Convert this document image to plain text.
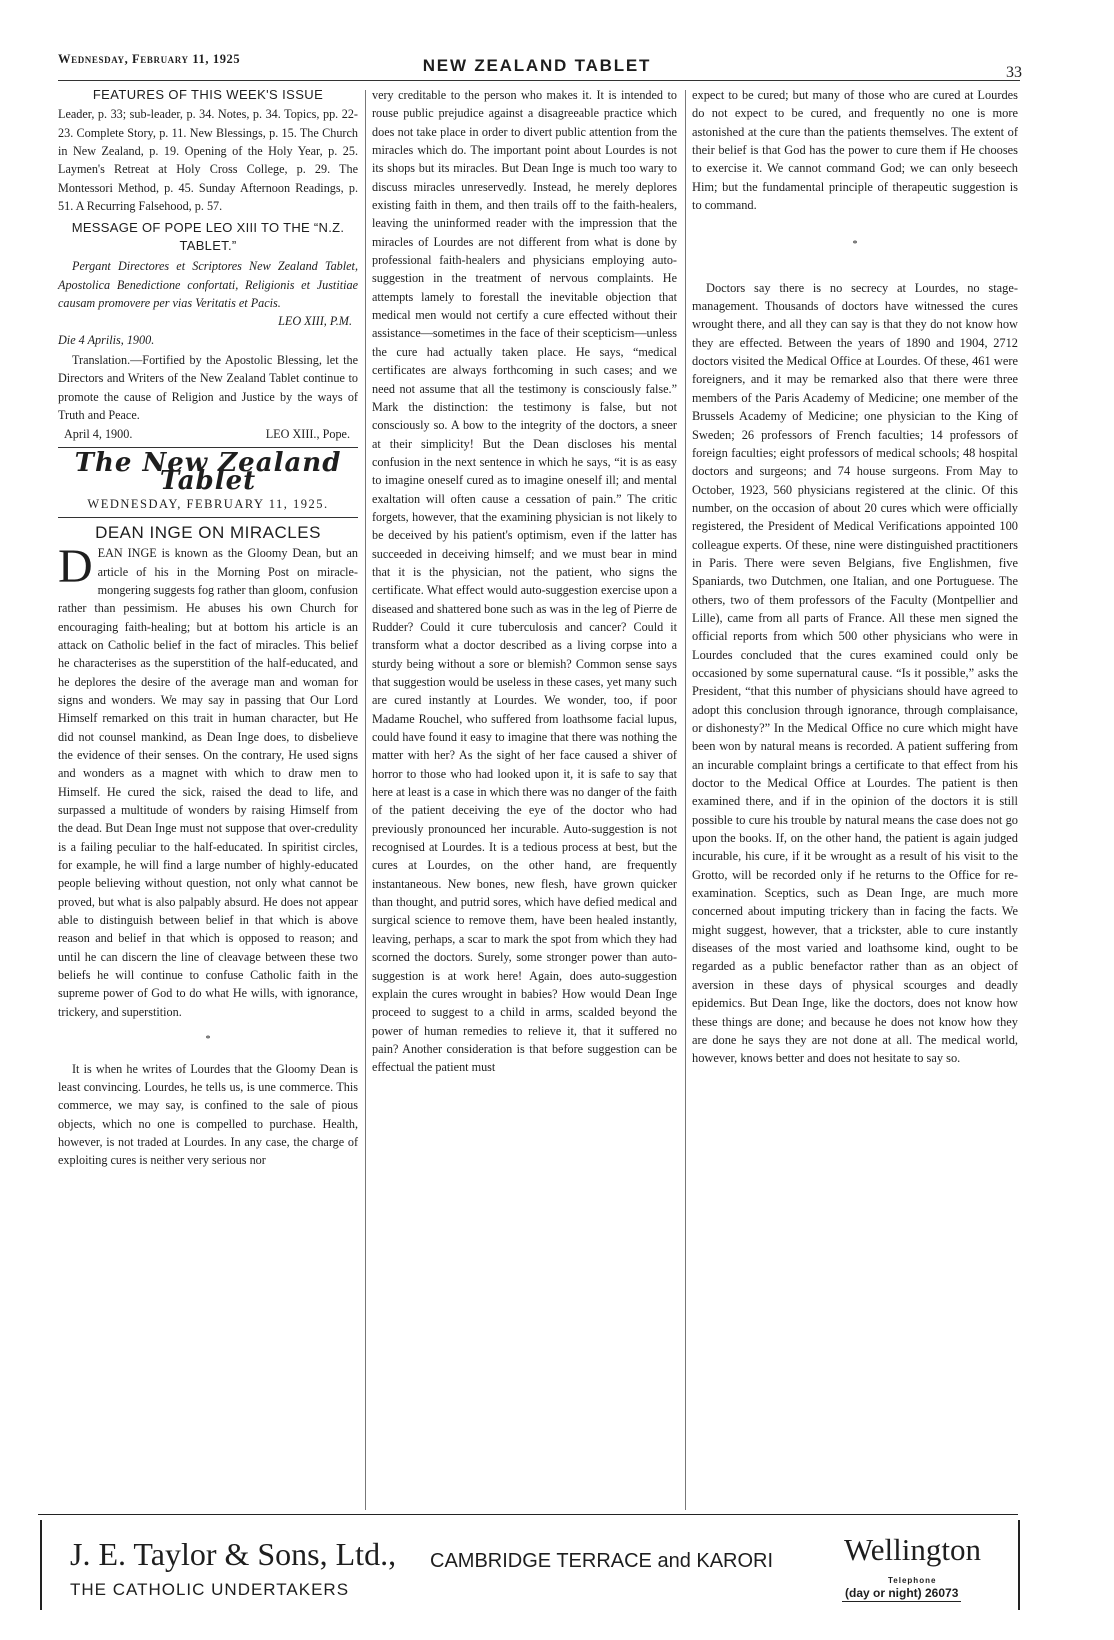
Wednesday, February 11, 1925	NEW ZEALAND TABLET	33
FEATURES OF THIS WEEK'S ISSUE

Leader, p. 33; sub-leader, p. 34. Notes, p. 34. Topics, pp. 22-23. Complete Story, p. 11. New Blessings, p. 15. The Church in New Zealand, p. 19. Opening of the Holy Year, p. 25. Laymen's Retreat at Holy Cross College, p. 29. The Montessori Method, p. 45. Sunday Afternoon Readings, p. 51. A Recurring Falsehood, p. 57.

MESSAGE OF POPE LEO XIII TO THE “N.Z. TABLET.”

Pergant Directores et Scriptores New Zealand Tablet, Apostolica Benedictione confortati, Religionis et Justitiae causam promovere per vias Veritatis et Pacis.

LEO XIII, P.M.

Die 4 Aprilis, 1900.

Translation.—Fortified by the Apostolic Blessing, let the Directors and Writers of the New Zealand Tablet continue to promote the cause of Religion and Justice by the ways of Truth and Peace.

April 4, 1900.	LEO XIII., Pope.
The New Zealand Tablet
WEDNESDAY, FEBRUARY 11, 1925.
DEAN INGE ON MIRACLES

DEAN INGE is known as the Gloomy Dean, but an article of his in the Morning Post on miracle-mongering suggests fog rather than gloom, confusion rather than pessimism. He abuses his own Church for encouraging faith-healing; but at bottom his article is an attack on Catholic belief in the fact of miracles. This belief he characterises as the superstition of the half-educated, and he deplores the desire of the average man and woman for signs and wonders. We may say in passing that Our Lord Himself remarked on this trait in human character, but He did not counsel mankind, as Dean Inge does, to disbelieve the evidence of their senses. On the contrary, He used signs and wonders as a magnet with which to draw men to Himself. He cured the sick, raised the dead to life, and surpassed a multitude of wonders by raising Himself from the dead. But Dean Inge must not suppose that over-credulity is a failing peculiar to the half-educated. In spiritist circles, for example, he will find a large number of highly-educated people believing without question, not only what cannot be proved, but what is also palpably absurd. He does not appear able to distinguish between belief in that which is above reason and belief in that which is opposed to reason; and until he can discern the line of cleavage between these two beliefs he will continue to confuse Catholic faith in the supreme power of God to do what He wills, with ignorance, trickery, and superstition.

*

It is when he writes of Lourdes that the Gloomy Dean is least convincing. Lourdes, he tells us, is une commerce. This commerce, we may say, is confined to the sale of pious objects, which no one is compelled to purchase. Health, however, is not traded at Lourdes. In any case, the charge of exploiting cures is neither very serious nor

very creditable to the person who makes it. It is intended to rouse public prejudice against a disagreeable practice which does not take place in order to divert public attention from the miracles which do. The important point about Lourdes is not its shops but its miracles. But Dean Inge is much too wary to discuss miracles unreservedly. Instead, he merely deplores existing faith in them, and then trails off to the faith-healers, leaving the uninformed reader with the impression that the miracles of Lourdes are not different from what is done by professional faith-healers and physicians employing auto-suggestion in the treatment of nervous complaints. He attempts lamely to forestall the inevitable objection that medical men would not certify a cure effected without their assistance—sometimes in the face of their scepticism—unless the cure had actually taken place. He says, “medical certificates are always forthcoming in such cases; and we need not assume that all the testimony is consciously false.” Mark the distinction: the testimony is false, but not consciously so. A bow to the integrity of the doctors, a sneer at their simplicity! But the Dean discloses his mental confusion in the next sentence in which he says, “it is as easy to imagine oneself cured as to imagine oneself ill; and mental exaltation will often cause a cessation of pain.” The critic forgets, however, that the examining physician is not likely to be deceived by his patient's optimism, even if the latter has succeeded in deceiving himself; and we must bear in mind that it is the physician, not the patient, who signs the certificate. What effect would auto-suggestion exercise upon a diseased and shattered bone such as was in the leg of Pierre de Rudder? Could it cure tuberculosis and cancer? Could it transform what a doctor described as a living corpse into a sturdy being without a sore or blemish? Common sense says that suggestion would be useless in these cases, yet many such are cured instantly at Lourdes. We wonder, too, if poor Madame Rouchel, who suffered from loathsome facial lupus, could have found it easy to imagine that there was nothing the matter with her? As the sight of her face caused a shiver of horror to those who had looked upon it, it is safe to say that here at least is a case in which there was no danger of the faith of the patient deceiving the eye of the doctor who had previously pronounced her incurable. Auto-suggestion is not recognised at Lourdes. It is a tedious process at best, but the cures at Lourdes, on the other hand, are frequently instantaneous. New bones, new flesh, have grown quicker than thought, and putrid sores, which have defied medical and surgical science to remove them, have been healed instantly, leaving, perhaps, a scar to mark the spot from which they had scorned the doctors. Surely, some stronger power than auto-suggestion is at work here! Again, does auto-suggestion explain the cures wrought in babies? How would Dean Inge proceed to suggest to a child in arms, scalded beyond the power of human remedies to relieve it, that it suffered no pain? Another consideration is that before suggestion can be effectual the patient must

expect to be cured; but many of those who are cured at Lourdes do not expect to be cured, and frequently no one is more astonished at the cure than the patients themselves. The extent of their belief is that God has the power to cure them if He chooses to exercise it. We cannot command God; we can only beseech Him; but the fundamental principle of therapeutic suggestion is to command.

*

Doctors say there is no secrecy at Lourdes, no stage-management. Thousands of doctors have witnessed the cures wrought there, and all they can say is that they do not know how they are effected. Between the years of 1890 and 1904, 2712 doctors visited the Medical Office at Lourdes. Of these, 461 were foreigners, and it may be remarked also that there were three members of the Paris Academy of Medicine; one member of the Brussels Academy of Medicine; one physician to the King of Sweden; 26 professors of French faculties; 14 professors of foreign faculties; eight professors of medical schools; 48 hospital doctors and surgeons; and 74 house surgeons. From May to October, 1923, 560 physicians registered at the clinic. Of this number, on the occasion of about 20 cures which were officially registered, the President of Medical Verifications appointed 100 colleague experts. Of these, nine were distinguished practitioners in Paris. There were seven Belgians, five Englishmen, five Spaniards, two Dutchmen, one Italian, and one Portuguese. The others, two of them professors of the Faculty (Montpellier and Lille), came from all parts of France. All these men signed the official reports from which 500 other physicians who were in Lourdes concluded that the cures examined could only be occasioned by some supernatural cause. “Is it possible,” asks the President, “that this number of physicians should have agreed to adopt this conclusion through ignorance, through complaisance, or dishonesty?” In the Medical Office no cure which might have been won by natural means is recorded. A patient suffering from an incurable complaint brings a certificate to that effect from his doctor to the Medical Office at Lourdes. The patient is then examined there, and if in the opinion of the doctors it is still possible to cure his trouble by natural means the case does not go upon the books. If, on the other hand, the patient is again judged incurable, his cure, if it be wrought as a result of his visit to the Grotto, will be recorded only if he returns to the Office for re-examination. Sceptics, such as Dean Inge, are much more concerned about imputing trickery than in facing the facts. We might suggest, however, that a trickster, able to cure instantly diseases of the most varied and loathsome kind, ought to be regarded as a public benefactor rather than as an object of aversion in these days of physical scourges and deadly epidemics. But Dean Inge, like the doctors, does not know how these things are done; and because he does not know how they are done he says they are not done at all. The medical world, however, knows better and does not hesitate to say so.

J. E. Taylor & Sons, Ltd.,
THE CATHOLIC UNDERTAKERS
CAMBRIDGE TERRACE and KARORI Wellington
Telephone
(day or night) 26073
